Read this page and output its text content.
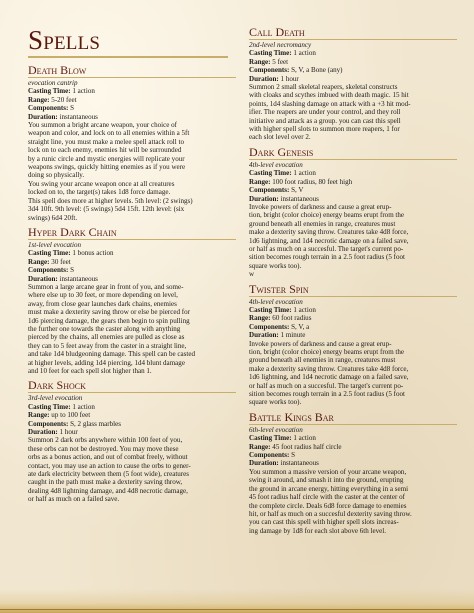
Spells
Death Blow
evocation cantrip
Casting Time: 1 action
Range: 5-20 feet
Components: S
Duration: instantaneous
You summon a bright arcane weapon, your choice of
weapon and color, and lock on to all enemies within a 5ft
straight line, you must make a melee spell attack roll to
lock on to each enemy, enemies hit will be surrounded
by a runic circle and mystic energies will replicate your
weapons swings, quickly hitting enemies as if you were
doing so physically.
You swing your arcane weapon once at all creatures
locked on to, the target(s) takes 1d8 force damage.
This spell does more at higher levels. 5th level: (2 swings)
3d4 10ft. 9th level: (5 swings) 5d4 15ft. 12th level: (six
swings) 6d4 20ft.
Hyper Dark Chain
1st-level evocation
Casting Time: 1 bonus action
Range: 30 feet
Components: S
Duration: instantaneous
Summon a large arcane gear in front of you, and some-
where else up to 30 feet, or more depending on level,
away, from close gear launches dark chains, enemies
must make a dexterity saving throw or else be pierced for
1d6 piercing damage, the gears then begin to spin pulling
the further one towards the caster along with anything
pierced by the chains, all enemies are pulled as close as
they can to 5 feet away from the caster in a straight line,
and take 1d4 bludgeoning damage. This spell can be casted
at higher levels, adding 1d4 piercing, 1d4 blunt damage
and 10 feet for each spell slot higher than 1.
Dark Shock
3rd-level evocation
Casting Time: 1 action
Range: up to 100 feet
Components: S, 2 glass marbles
Duration: 1 hour
Summon 2 dark orbs anywhere within 100 feet of you,
these orbs can not be destroyed. You may move these
orbs as a bonus action, and out of combat freely, without
contact, you may use an action to cause the orbs to gener-
ate dark electricity between them (5 foot wide), creatures
caught in the path must make a dexterity saving throw,
dealing 4d8 lightning damage, and 4d8 necrotic damage,
or half as much on a failed save.
Call Death
2nd-level necromancy
Casting Time: 1 action
Range: 5 feet
Components: S, V, a Bone (any)
Duration: 1 hour
Summon 2 small skeletal reapers, skeletal constructs
with cloaks and scythes imbued with death magic. 15 hit
points, 1d4 slashing damage on attack with a +3 hit mod-
ifier. The reapers are under your control, and they roll
initiative and attack as a group. you can cast this spell
with higher spell slots to summon more reapers, 1 for
each slot level over 2.
Dark Genesis
4th-level evocation
Casting Time: 1 action
Range: 100 foot radius, 80 feet high
Components: S, V
Duration: instantaneous
Invoke powers of darkness and cause a great erup-
tion, bright (color choice) energy beams erupt from the
ground beneath all enemies in range, creatures must
make a dexterity saving throw. Creatures take 4d8 force,
1d6 lightning, and 1d4 necrotic damage on a failed save,
or half as much on a succesful. The target's current po-
sition becomes rough terrain in a 2.5 foot radius (5 foot
square works too).
w
Twister Spin
4th-level evocation
Casting Time: 1 action
Range: 60 foot radius
Components: S, V, a
Duration: 1 minute
Invoke powers of darkness and cause a great erup-
tion, bright (color choice) energy beams erupt from the
ground beneath all enemies in range, creatures must
make a dexterity saving throw. Creatures take 4d8 force,
1d6 lightning, and 1d4 necrotic damage on a failed save,
or half as much on a succesful. The target's current po-
sition becomes rough terrain in a 2.5 foot radius (5 foot
square works too).
Battle Kings Bar
6th-level evocation
Casting Time: 1 action
Range: 45 foot radius half circle
Components: S
Duration: instantaneous
You summon a massive version of your arcane weapon,
swing it around, and smash it into the ground, erupting
the ground in arcane energy, hitting everything in a semi
45 foot radius half circle with the caster at the center of
the complete circle. Deals 6d8 force damage to enemies
hit, or half as much on a succesful dexterity saving throw.
you can cast this spell with higher spell slots increas-
ing damage by 1d8 for each slot above 6th level.
